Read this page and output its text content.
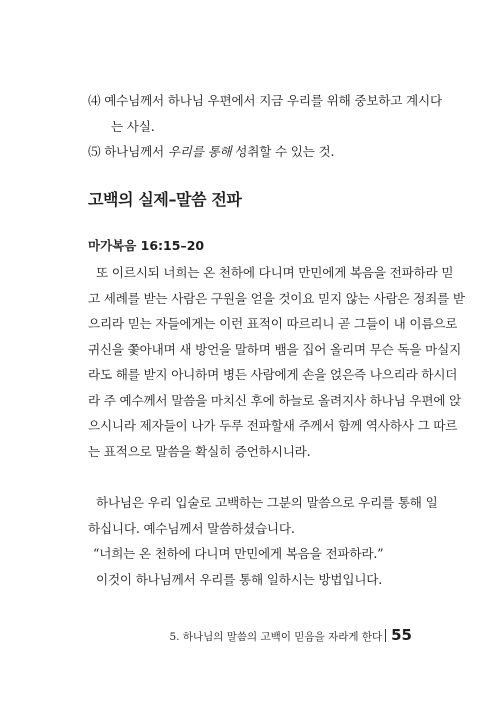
⑷ 예수님께서 하나님 우편에서 지금 우리를 위해 중보하고 계시다
는 사실.
⑸ 하나님께서 우리를 통해 성취할 수 있는 것.
고백의 실제–말씀 전파
마가복음 16:15–20
또 이르시되 너희는 온 천하에 다니며 만민에게 복음을 전파하라 믿
고 세례를 받는 사람은 구원을 얻을 것이요 믿지 않는 사람은 정죄를 받
으리라 믿는 자들에게는 이런 표적이 따르리니 곧 그들이 내 이름으로
귀신을 쫓아내며 새 방언을 말하며 뱀을 집어 올리며 무슨 독을 마실지
라도 해를 받지 아니하며 병든 사람에게 손을 얹은즉 나으리라 하시더
라 주 예수께서 말씀을 마치신 후에 하늘로 올려지사 하나님 우편에 앉
으시니라 제자들이 나가 두루 전파할새 주께서 함께 역사하사 그 따르
는 표적으로 말씀을 확실히 증언하시니라.
하나님은 우리 입술로 고백하는 그분의 말씀으로 우리를 통해 일
하십니다. 예수님께서 말씀하셨습니다.
“너희는 온 천하에 다니며 만민에게 복음을 전파하라.”
이것이 하나님께서 우리를 통해 일하시는 방법입니다.
5. 하나님의 말씀의 고백이 믿음을 자라게 한다 55
